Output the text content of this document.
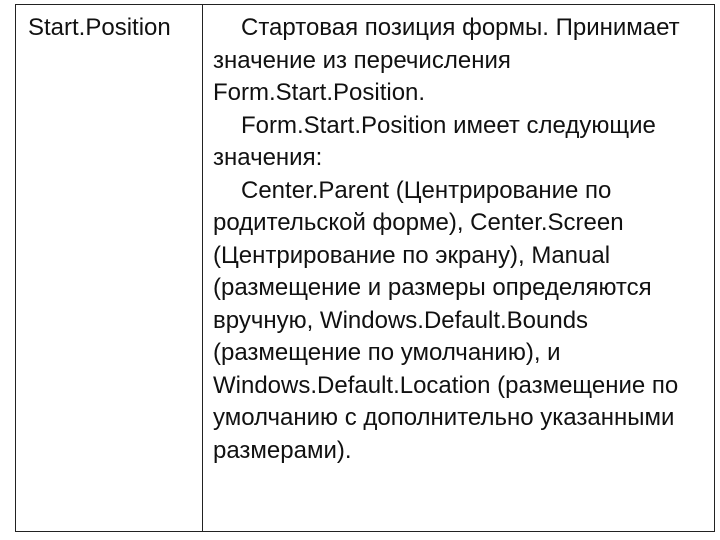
Start.Position	Стартовая позиция формы. Принимает значение из перечисления Form.Start.Position.

Form.Start.Position имеет следующие значения:

Center.Parent (Центрирование по родительской форме), Center.Screen (Центрирование по экрану), Manual (размещение и размеры определяются вручную, Windows.Default.Bounds (размещение по умолчанию), и Windows.Default.Location (размещение по умолчанию с дополнительно указанными размерами).
